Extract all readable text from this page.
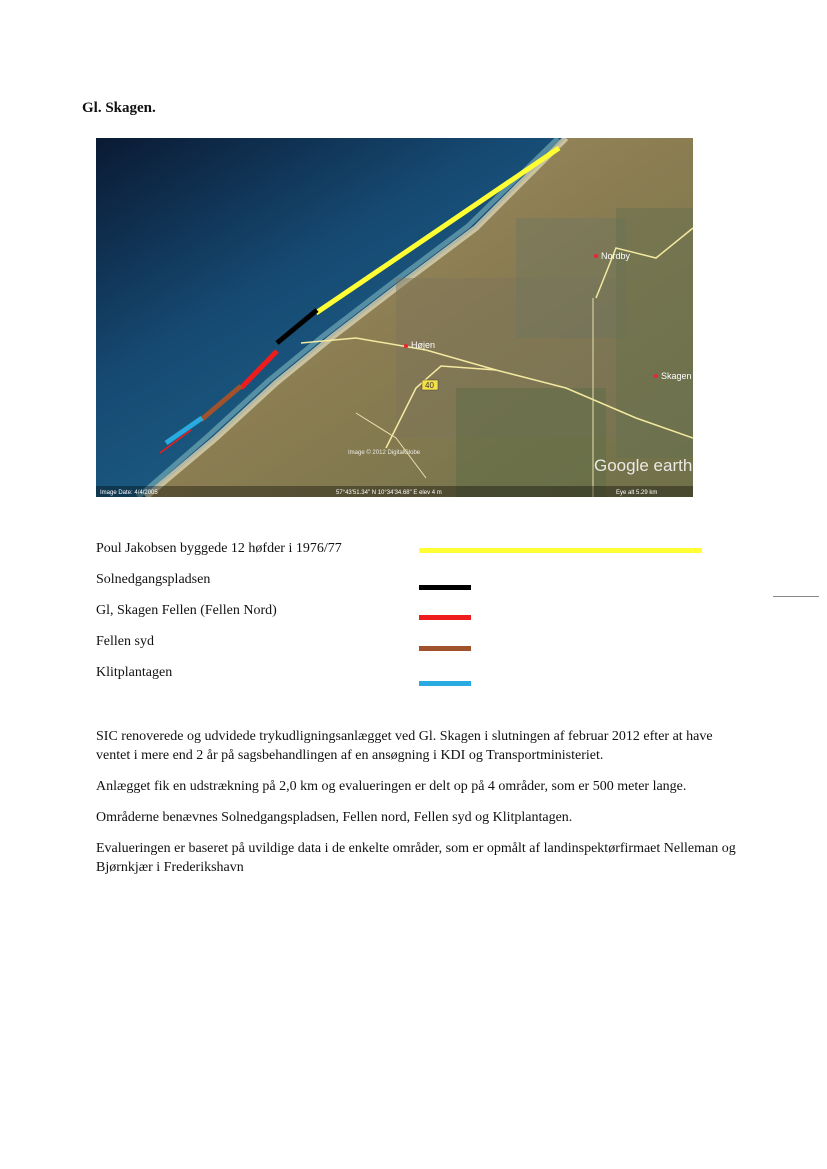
Gl. Skagen.
Nordby
Højen
Skagen
40
Google earth
Image © 2012 DigitalGlobe
Image Date: 4/4/2005	57°43'51.34" N 10°34'34.68" E elev 4 m	Eye alt 5.29 km
Poul Jakobsen byggede 12 høfder i 1976/77
Solnedgangspladsen
Gl, Skagen Fellen (Fellen Nord)
Fellen syd
Klitplantagen
SIC renoverede og udvidede trykudligningsanlægget ved Gl. Skagen i slutningen af februar 2012 efter at have ventet i mere end 2 år på sagsbehandlingen af en ansøgning i KDI og Transportministeriet.
Anlægget fik en udstrækning på 2,0 km og evalueringen er delt op på 4 områder, som er 500 meter lange.
Områderne benævnes Solnedgangspladsen, Fellen nord, Fellen syd og Klitplantagen.
Evalueringen er baseret på uvildige data i de enkelte områder, som er opmålt af landinspektørfirmaet Nelleman og Bjørnkjær i Frederikshavn
